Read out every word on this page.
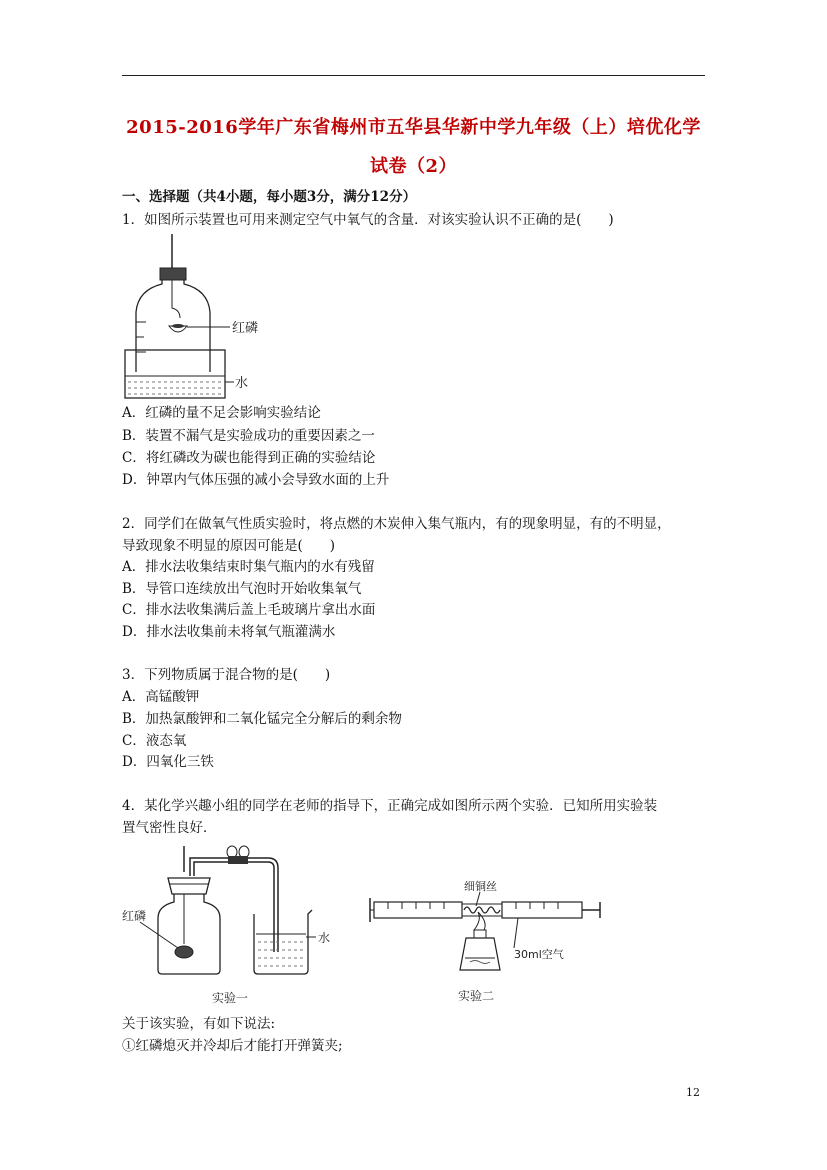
2015-2016学年广东省梅州市五华县华新中学九年级（上）培优化学
试卷（2）
一、选择题（共4小题，每小题3分，满分12分）
1．如图所示装置也可用来测定空气中氧气的含量．对该实验认识不正确的是(　　)
红磷
水
A．红磷的量不足会影响实验结论
B．装置不漏气是实验成功的重要因素之一
C．将红磷改为碳也能得到正确的实验结论
D．钟罩内气体压强的减小会导致水面的上升
2．同学们在做氧气性质实验时，将点燃的木炭伸入集气瓶内，有的现象明显，有的不明显，
导致现象不明显的原因可能是(　　)
A．排水法收集结束时集气瓶内的水有残留
B．导管口连续放出气泡时开始收集氧气
C．排水法收集满后盖上毛玻璃片拿出水面
D．排水法收集前未将氧气瓶灌满水
3．下列物质属于混合物的是(　　)
A．高锰酸钾
B．加热氯酸钾和二氧化锰完全分解后的剩余物
C．液态氧
D．四氧化三铁
4．某化学兴趣小组的同学在老师的指导下，正确完成如图所示两个实验．已知所用实验装
置气密性良好．
红磷
水
实验一
细铜丝
30ml空气
实验二
关于该实验，有如下说法:
①红磷熄灭并冷却后才能打开弹簧夹;
12
